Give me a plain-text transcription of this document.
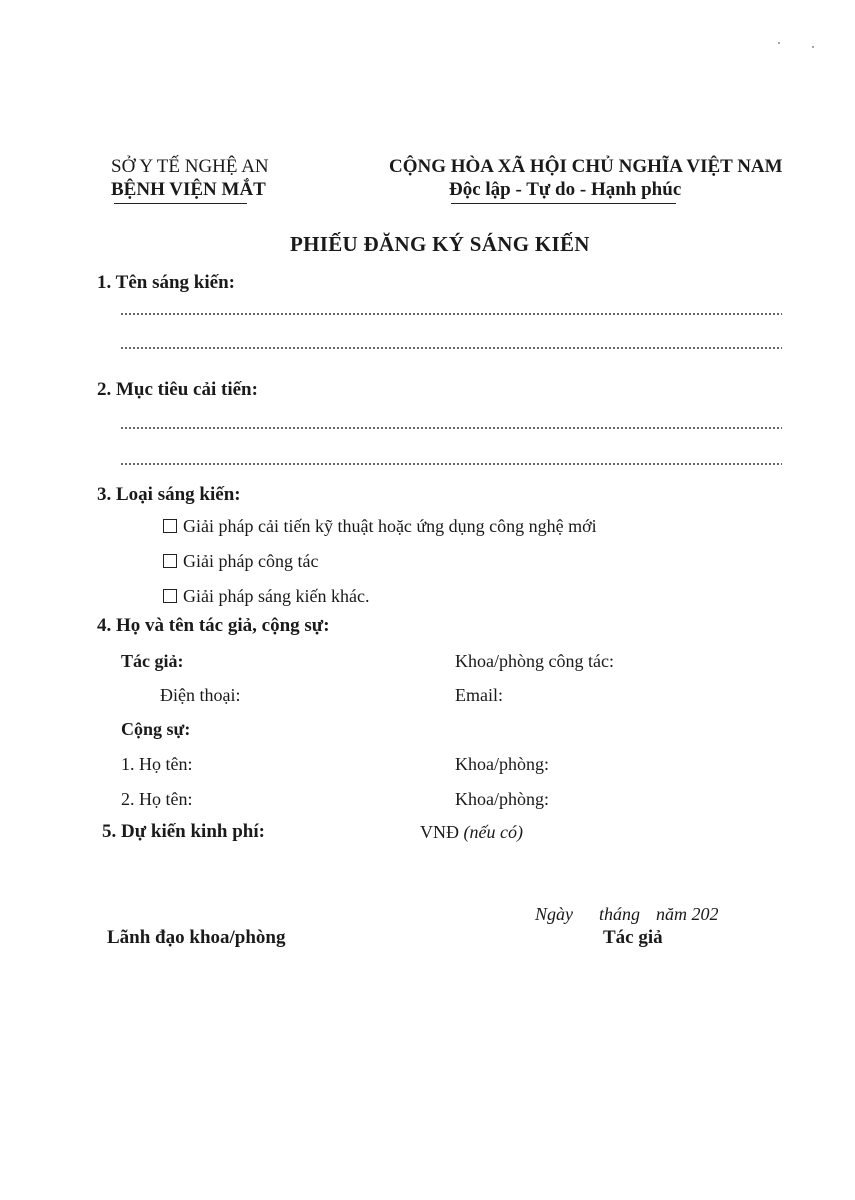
SỞ Y TẾ NGHỆ AN
BỆNH VIỆN MẮT
CỘNG HÒA XÃ HỘI CHỦ NGHĨA VIỆT NAM
Độc lập - Tự do - Hạnh phúc
PHIẾU ĐĂNG KÝ SÁNG KIẾN
1. Tên sáng kiến:
2. Mục tiêu cải tiến:
3. Loại sáng kiến:
Giải pháp cải tiến kỹ thuật hoặc ứng dụng công nghệ mới
Giải pháp công tác
Giải pháp sáng kiến khác.
4. Họ và tên tác giả, cộng sự:
Tác giả:	Khoa/phòng công tác:
Điện thoại:	Email:
Cộng sự:
1. Họ tên:	Khoa/phòng:
2. Họ tên:	Khoa/phòng:
5. Dự kiến kinh phí:	VNĐ (nếu có)
Ngày tháng năm 202
Lãnh đạo khoa/phòng	Tác giả
